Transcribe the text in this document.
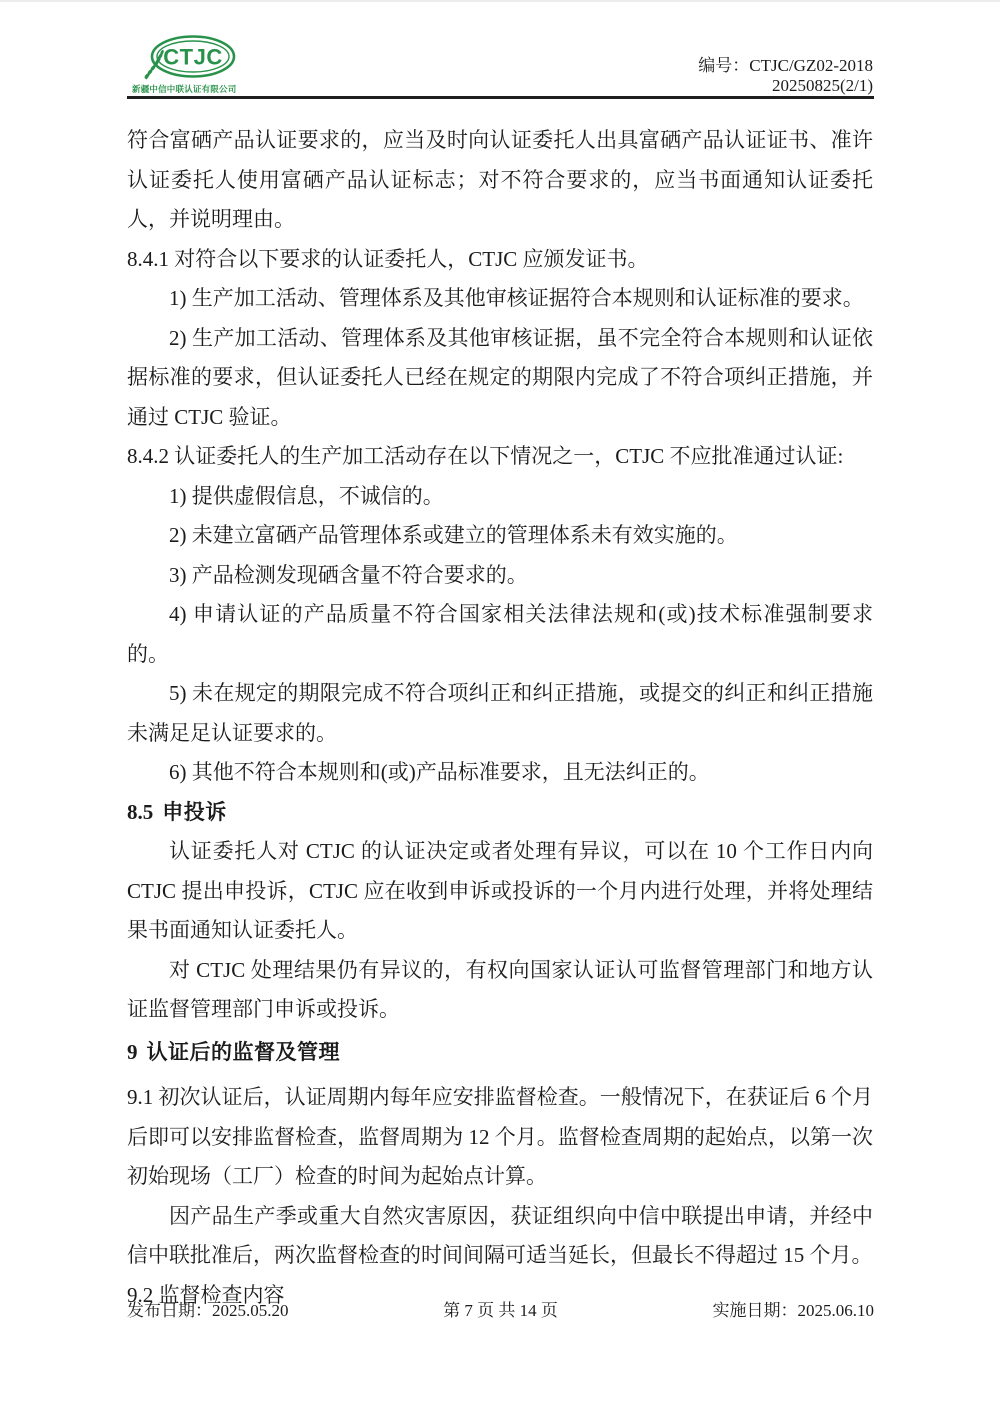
CTJC
新疆中信中联认证有限公司
编号：CTJC/GZ02-2018
20250825(2/1)

符合富硒产品认证要求的，应当及时向认证委托人出具富硒产品认证证书、准许认证委托人使用富硒产品认证标志；对不符合要求的，应当书面通知认证委托人，并说明理由。

8.4.1 对符合以下要求的认证委托人，CTJC 应颁发证书。

1) 生产加工活动、管理体系及其他审核证据符合本规则和认证标准的要求。

2) 生产加工活动、管理体系及其他审核证据，虽不完全符合本规则和认证依据标准的要求，但认证委托人已经在规定的期限内完成了不符合项纠正措施，并通过 CTJC 验证。

8.4.2 认证委托人的生产加工活动存在以下情况之一，CTJC 不应批准通过认证:

1) 提供虚假信息，不诚信的。

2) 未建立富硒产品管理体系或建立的管理体系未有效实施的。

3) 产品检测发现硒含量不符合要求的。

4) 申请认证的产品质量不符合国家相关法律法规和(或)技术标准强制要求的。

5) 未在规定的期限完成不符合项纠正和纠正措施，或提交的纠正和纠正措施未满足足认证要求的。

6) 其他不符合本规则和(或)产品标准要求，且无法纠正的。

8.5 申投诉

认证委托人对 CTJC 的认证决定或者处理有异议，可以在 10 个工作日内向 CTJC 提出申投诉，CTJC 应在收到申诉或投诉的一个月内进行处理，并将处理结果书面通知认证委托人。

对 CTJC 处理结果仍有异议的，有权向国家认证认可监督管理部门和地方认证监督管理部门申诉或投诉。

9 认证后的监督及管理

9.1 初次认证后，认证周期内每年应安排监督检查。一般情况下，在获证后 6 个月后即可以安排监督检查，监督周期为 12 个月。监督检查周期的起始点，以第一次初始现场（工厂）检查的时间为起始点计算。

因产品生产季或重大自然灾害原因，获证组织向中信中联提出申请，并经中信中联批准后，两次监督检查的时间间隔可适当延长，但最长不得超过 15 个月。

9.2 监督检查内容

发布日期：2025.05.20	第 7 页 共 14 页	实施日期：2025.06.10
